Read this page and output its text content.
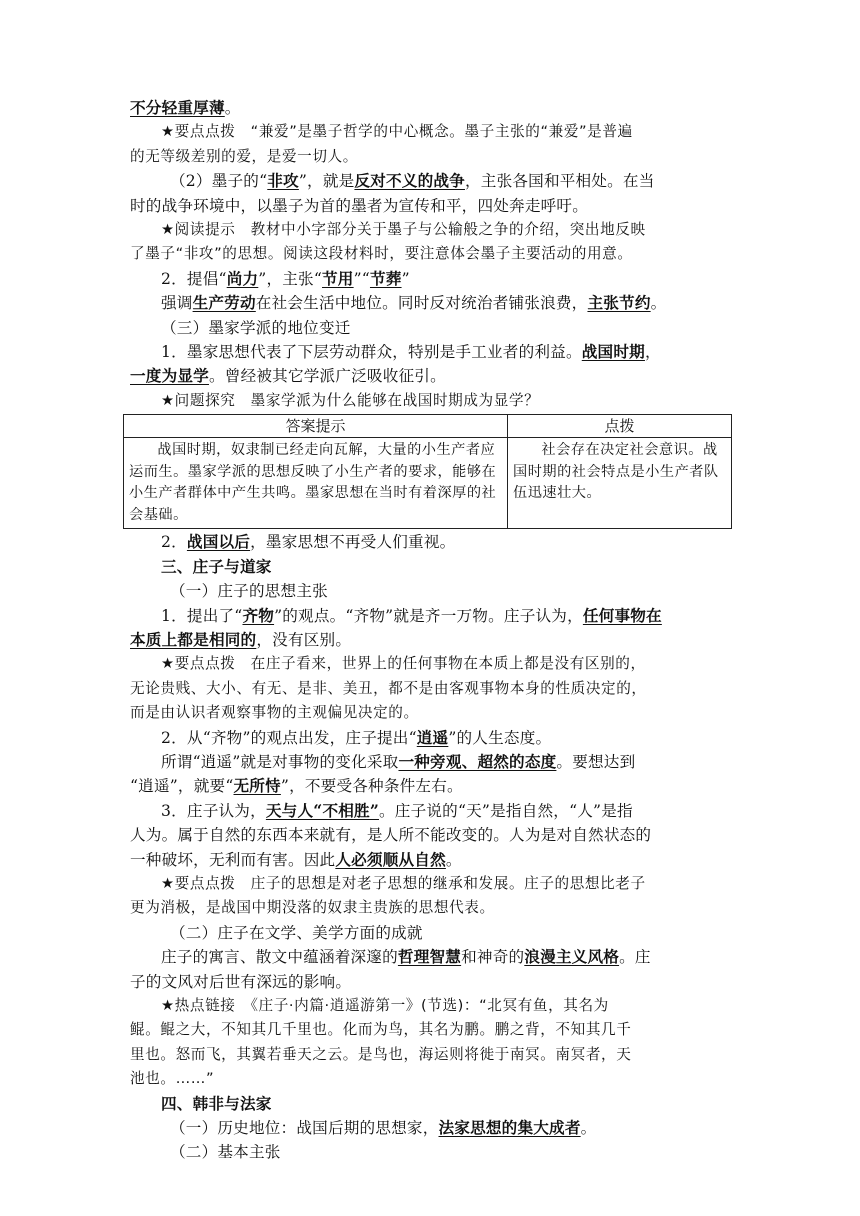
不分轻重厚薄。
★要点点拨　“兼爱”是墨子哲学的中心概念。墨子主张的“兼爱”是普遍
的无等级差别的爱，是爱一切人。
（2）墨子的“非攻”，就是反对不义的战争，主张各国和平相处。在当
时的战争环境中，以墨子为首的墨者为宣传和平，四处奔走呼吁。
★阅读提示　教材中小字部分关于墨子与公输般之争的介绍，突出地反映
了墨子“非攻”的思想。阅读这段材料时，要注意体会墨子主要活动的用意。
2．提倡“尚力”，主张“节用”“节葬”
强调生产劳动在社会生活中地位。同时反对统治者铺张浪费，主张节约。
（三）墨家学派的地位变迁
1．墨家思想代表了下层劳动群众，特别是手工业者的利益。战国时期，
一度为显学。曾经被其它学派广泛吸收征引。
★问题探究　墨家学派为什么能够在战国时期成为显学？
答案提示	点拨
战国时期，奴隶制已经走向瓦解，大量的小生产者应运而生。墨家学派的思想反映了小生产者的要求，能够在小生产者群体中产生共鸣。墨家思想在当时有着深厚的社会基础。	社会存在决定社会意识。战国时期的社会特点是小生产者队伍迅速壮大。
2．战国以后，墨家思想不再受人们重视。
三、庄子与道家
（一）庄子的思想主张
1．提出了“齐物”的观点。“齐物”就是齐一万物。庄子认为，任何事物在
本质上都是相同的，没有区别。
★要点点拨　在庄子看来，世界上的任何事物在本质上都是没有区别的，
无论贵贱、大小、有无、是非、美丑，都不是由客观事物本身的性质决定的，
而是由认识者观察事物的主观偏见决定的。
2．从“齐物”的观点出发，庄子提出“逍遥”的人生态度。
所谓“逍遥”就是对事物的变化采取一种旁观、超然的态度。要想达到
“逍遥”，就要“无所恃”，不要受各种条件左右。
3．庄子认为，天与人“不相胜”。庄子说的“天”是指自然，“人”是指
人为。属于自然的东西本来就有，是人所不能改变的。人为是对自然状态的
一种破坏，无利而有害。因此人必须顺从自然。
★要点点拨　庄子的思想是对老子思想的继承和发展。庄子的思想比老子
更为消极，是战国中期没落的奴隶主贵族的思想代表。
（二）庄子在文学、美学方面的成就
庄子的寓言、散文中蕴涵着深邃的哲理智慧和神奇的浪漫主义风格。庄
子的文风对后世有深远的影响。
★热点链接　《庄子·内篇·逍遥游第一》(节选)：“北冥有鱼，其名为
鲲。鲲之大，不知其几千里也。化而为鸟，其名为鹏。鹏之背，不知其几千
里也。怒而飞，其翼若垂天之云。是鸟也，海运则将徙于南冥。南冥者，天
池也。……”
四、韩非与法家
（一）历史地位：战国后期的思想家，法家思想的集大成者。
（二）基本主张
